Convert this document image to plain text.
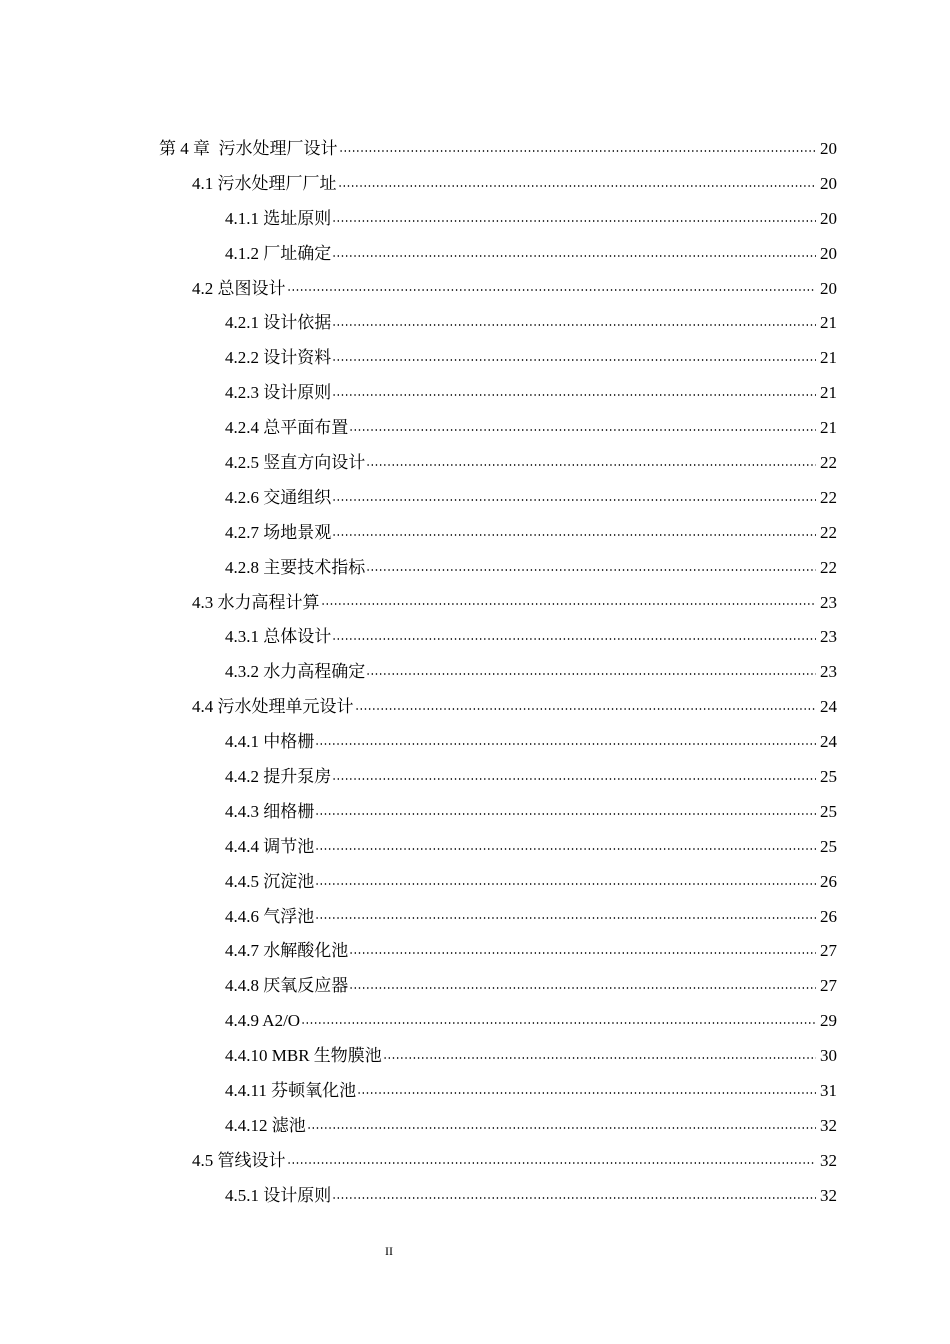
第 4 章  污水处理厂设计	20
4.1 污水处理厂厂址	20
4.1.1 选址原则	20
4.1.2 厂址确定	20
4.2 总图设计	20
4.2.1 设计依据	21
4.2.2 设计资料	21
4.2.3 设计原则	21
4.2.4 总平面布置	21
4.2.5 竖直方向设计	22
4.2.6 交通组织	22
4.2.7 场地景观	22
4.2.8 主要技术指标	22
4.3 水力高程计算	23
4.3.1 总体设计	23
4.3.2 水力高程确定	23
4.4 污水处理单元设计	24
4.4.1 中格栅	24
4.4.2 提升泵房	25
4.4.3 细格栅	25
4.4.4 调节池	25
4.4.5 沉淀池	26
4.4.6 气浮池	26
4.4.7 水解酸化池	27
4.4.8 厌氧反应器	27
4.4.9 A2/O	29
4.4.10 MBR 生物膜池	30
4.4.11 芬顿氧化池	31
4.4.12 滤池	32
4.5 管线设计	32
4.5.1 设计原则	32
II
